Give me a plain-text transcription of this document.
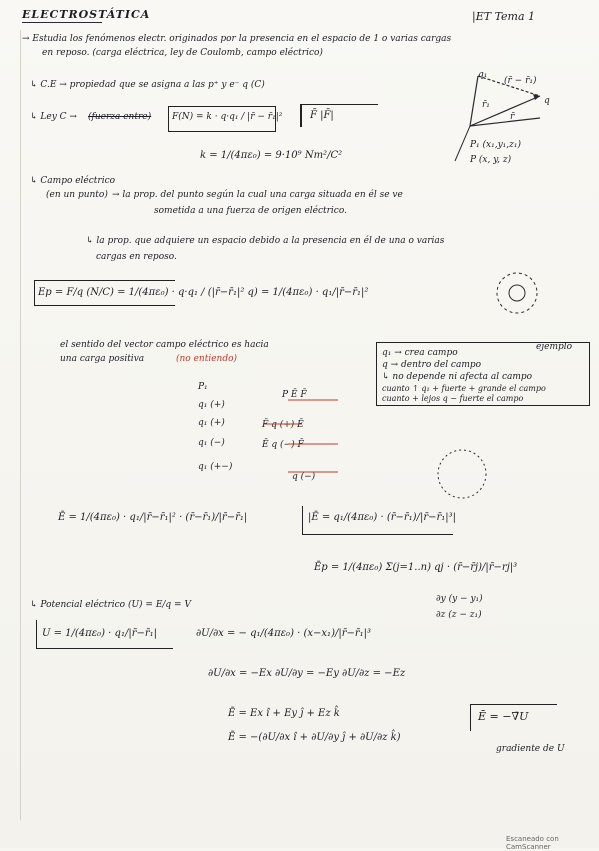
ELECTROSTÁTICA	|ET Tema 1
→ Estudia los fenómenos electr. originados por la presencia en el espacio de 1 o varias cargas
en reposo. (carga eléctrica, ley de Coulomb, campo eléctrico)
↳ C.E → propiedad que se asigna a las p⁺ y e⁻ q (C)
↳ Ley C → (fuerza entre) F(N) = k · q·q₁ / |r̄ − r̄₁|²	F̄ |F̄|
k = 1/(4πε₀) = 9·10⁹ Nm²/C²
q₁
(r̄ − r̄₁)
q
r̄₁
r̄
P₁ (x₁,y₁,z₁)
P (x, y, z)
↳ Campo eléctrico
(en un punto) → la prop. del punto según la cual una carga situada en él se ve
sometida a una fuerza de origen eléctrico.
↳ la prop. que adquiere un espacio debido a la presencia en él de una o varias
cargas en reposo.
Ep = F/q (N/C) = 1/(4πε₀) · q·q₁ / (|r̄−r̄₁|² q) = 1/(4πε₀) · q₁/|r̄−r̄₁|²
el sentido del vector campo eléctrico es hacia
una carga positiva	(no entiendo)
ejemplo
q₁ → crea campo
q → dentro del campo
↳ no depende ni afecta al campo
cuanto ↑ q₁ + fuerte + grande el campo
cuanto + lejos q − fuerte el campo
P₁
P Ē F̄
q₁ (+)
q₁ (+)	F̄ q (+) Ē
q₁ (−)	Ē q (−) F̄
q₁ (+−)
q (−)
Ē = 1/(4πε₀) · q₁/|r̄−r̄₁|² · (r̄−r̄₁)/|r̄−r̄₁|	|Ē = q₁/(4πε₀) · (r̄−r̄₁)/|r̄−r̄₁|³|
Ēp = 1/(4πε₀) Σ(j=1..n) qj · (r̄−r̄j)/|r̄−rj|³
↳ Potencial eléctrico (U) = E/q = V
U = 1/(4πε₀) · q₁/|r̄−r̄₁|	∂U/∂x = − q₁/(4πε₀) · (x−x₁)/|r̄−r̄₁|³
∂y (y − y₁)
∂z (z − z₁)
∂U/∂x = −Ex ∂U/∂y = −Ey ∂U/∂z = −Ez
Ē = Ex î + Ey ĵ + Ez k̂
Ē = −(∂U/∂x î + ∂U/∂y ĵ + ∂U/∂z k̂)
Ē = −∇̄U
gradiente de U
Escaneado con CamScanner
